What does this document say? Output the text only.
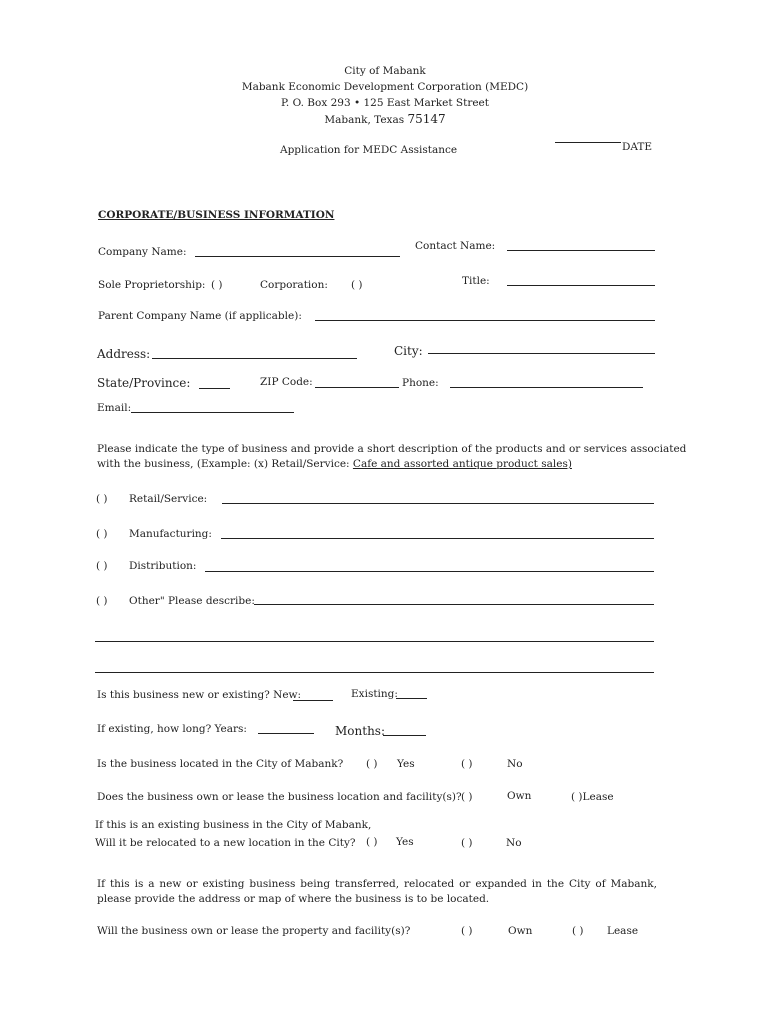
City of Mabank
Mabank Economic Development Corporation (MEDC)
P. O. Box 293 • 125 East Market Street
Mabank, Texas 75147
Application for MEDC Assistance	DATE
CORPORATE/BUSINESS INFORMATION
Company Name:	Contact Name:
Sole Proprietorship: ( )	Corporation: ( )	Title:
Parent Company Name (if applicable):
Address:	City:
State/Province:	ZIP Code:	Phone:
Email:
Please indicate the type of business and provide a short description of the products and or services associated
with the business, (Example: (x) Retail/Service: Cafe and assorted antique product sales)
( ) Retail/Service:
( ) Manufacturing:
( ) Distribution:
( ) Other" Please describe:
Is this business new or existing? New:	Existing:
If existing, how long? Years:	Months:
Is the business located in the City of Mabank? ( ) Yes	( )	No
Does the business own or lease the business location and facility(s)? ( )	Own	( )Lease
If this is an existing business in the City of Mabank,
Will it be relocated to a new location in the City? ( ) Yes	( )	No
If this is a new or existing business being transferred, relocated or expanded in the City of Mabank, please provide the address or map of where the business is to be located.
Will the business own or lease the property and facility(s)?	( )	Own	( ) Lease
